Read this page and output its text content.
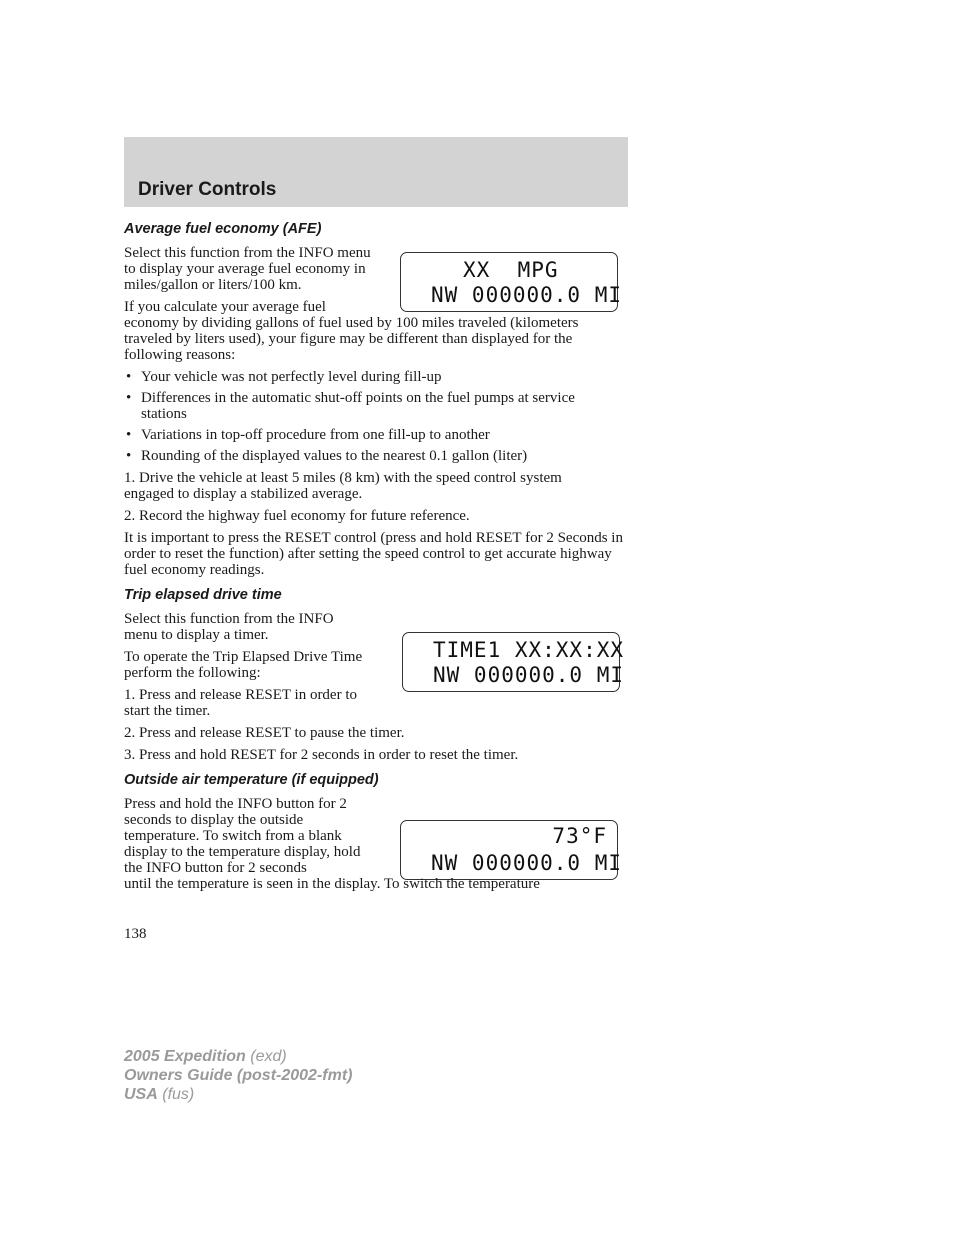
Driver Controls
XX  MPG
NW 000000.0 MI
TIME1 XX:XX:XX
NW 000000.0 MI
73°F
NW 000000.0 MI
Average fuel economy (AFE)

Select this function from the INFO menu to display your average fuel economy in miles/gallon or liters/100 km.

If you calculate your average fuel
economy by dividing gallons of fuel used by 100 miles traveled (kilometers traveled by liters used), your figure may be different than displayed for the following reasons:

• Your vehicle was not perfectly level during fill-up
• Differences in the automatic shut-off points on the fuel pumps at service stations
• Variations in top-off procedure from one fill-up to another
• Rounding of the displayed values to the nearest 0.1 gallon (liter)

1. Drive the vehicle at least 5 miles (8 km) with the speed control system engaged to display a stabilized average.

2. Record the highway fuel economy for future reference.

It is important to press the RESET control (press and hold RESET for 2 Seconds in order to reset the function) after setting the speed control to get accurate highway fuel economy readings.

Trip elapsed drive time

Select this function from the INFO menu to display a timer.

To operate the Trip Elapsed Drive Time perform the following:

1. Press and release RESET in order to start the timer.

2. Press and release RESET to pause the timer.

3. Press and hold RESET for 2 seconds in order to reset the timer.

Outside air temperature (if equipped)

Press and hold the INFO button for 2 seconds to display the outside temperature. To switch from a blank display to the temperature display, hold the INFO button for 2 seconds
until the temperature is seen in the display. To switch the temperature

138
2005 Expedition (exd)
Owners Guide (post-2002-fmt)
USA (fus)
